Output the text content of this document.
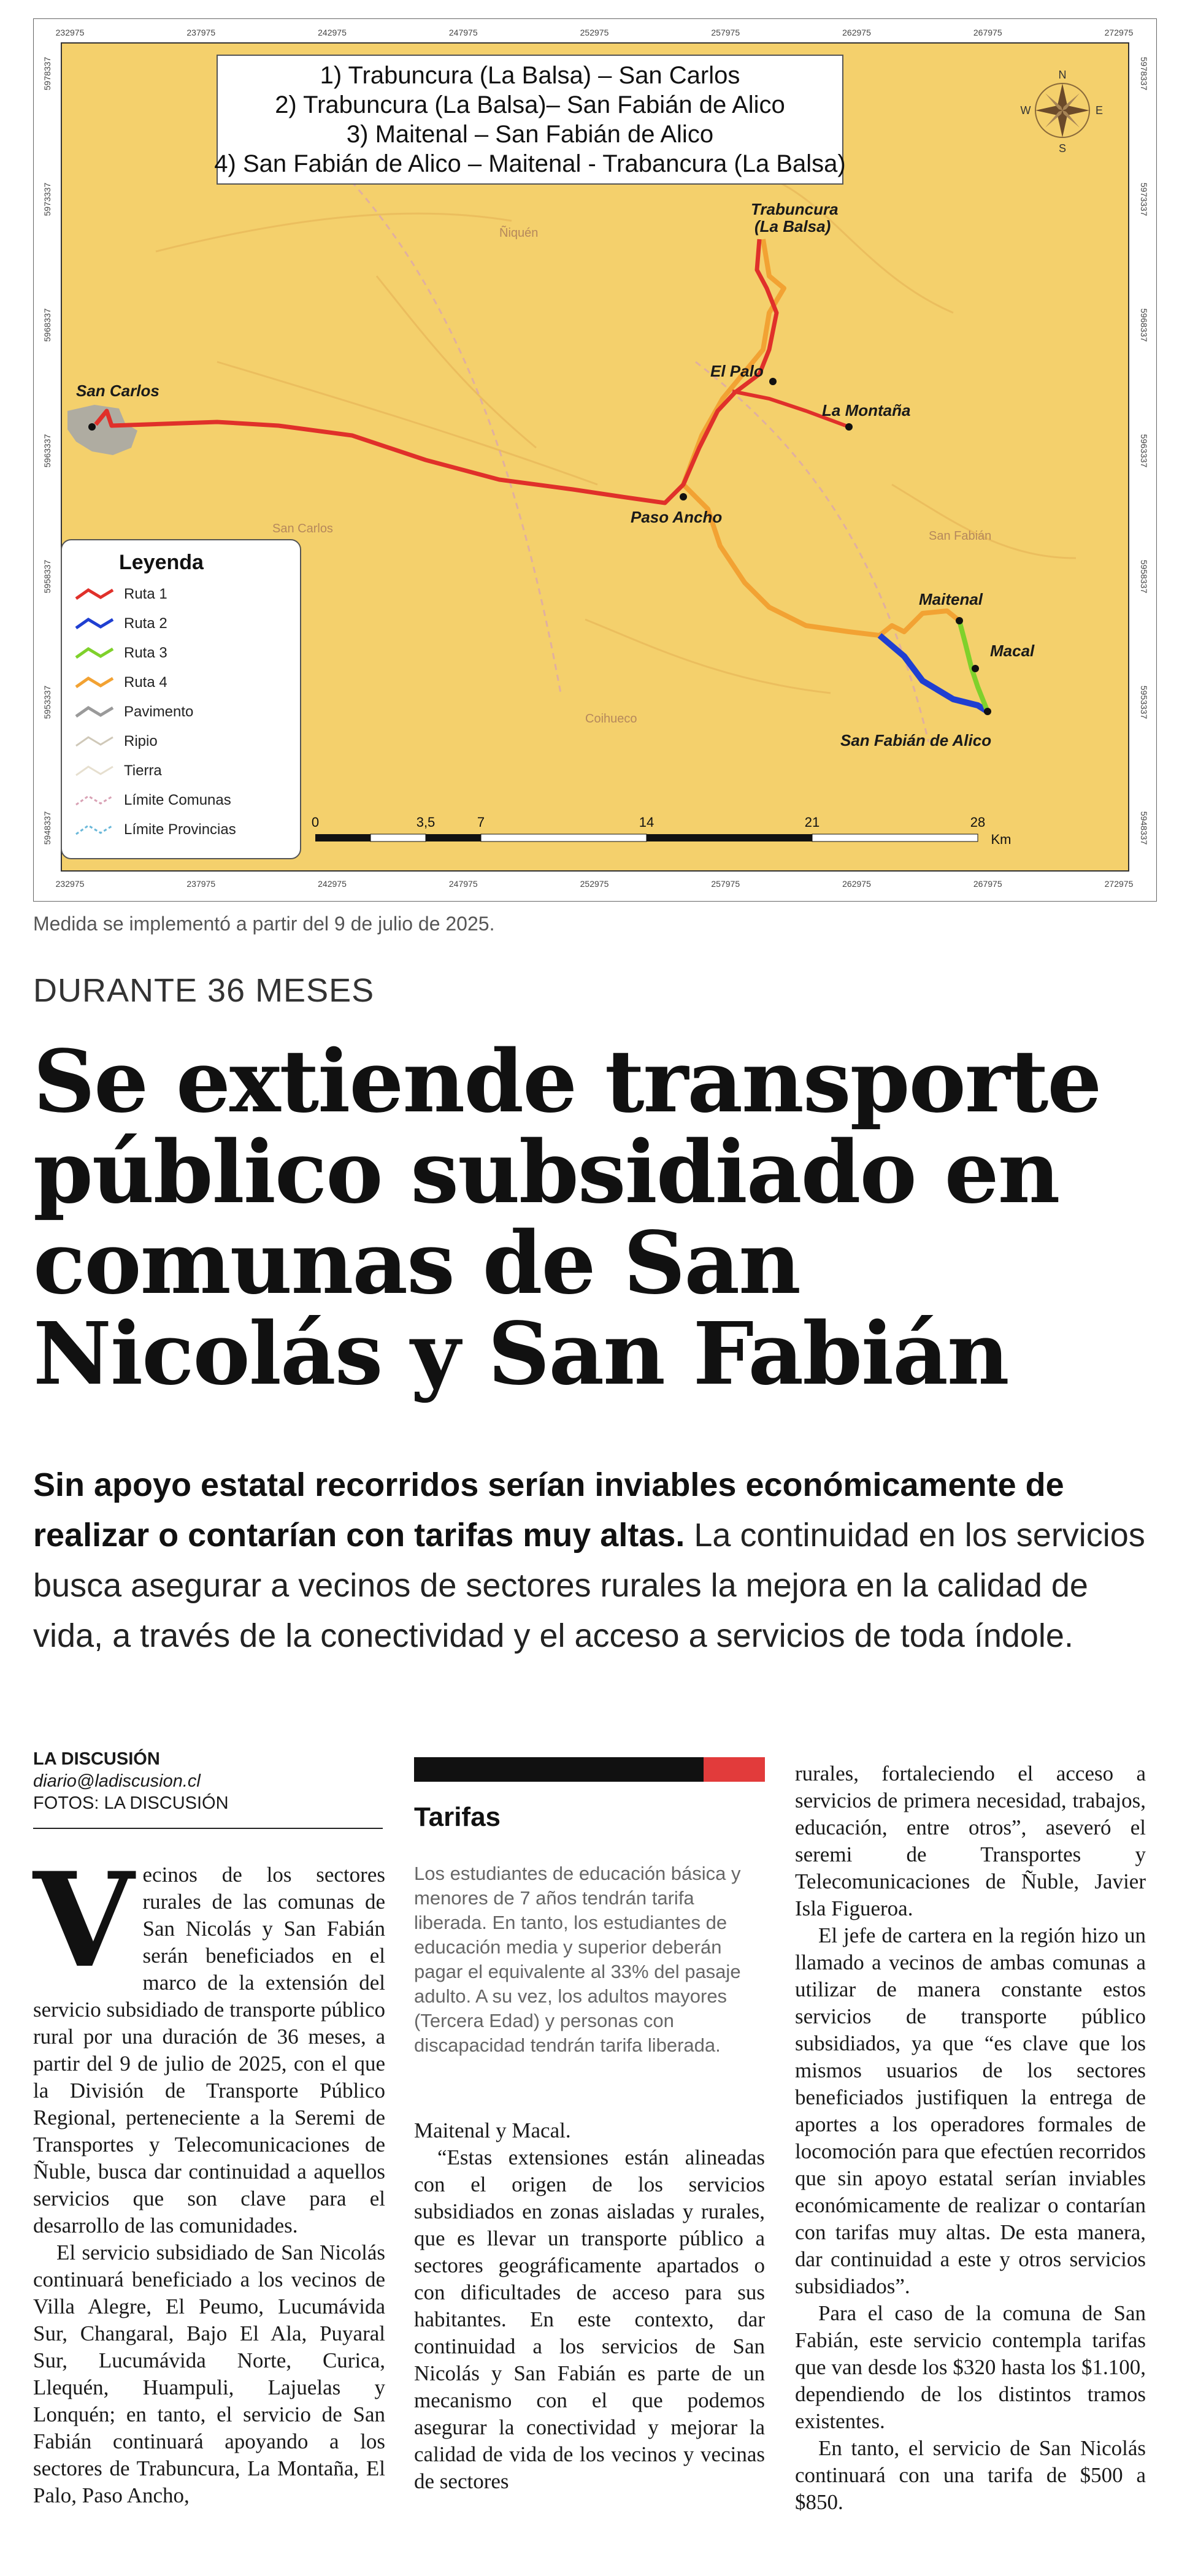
Ñiquén
San Carlos
San Fabián
Coihueco
San Carlos
Trabuncura
(La Balsa)
El Palo
La Montaña
Paso Ancho
Maitenal
Macal
San Fabián de Alico
1) Trabuncura (La Balsa) – San Carlos
2) Trabuncura (La Balsa)– San Fabián de Alico
3) Maitenal – San Fabián de Alico
4) San Fabián de Alico – Maitenal - Trabancura (La Balsa)
N
S
E
W
Leyenda
Ruta 1
Ruta 2
Ruta 3
Ruta 4
Pavimento
Ripio
Tierra
Límite Comunas
Límite Provincias	0	3,5	7	14	21	28
Km
232975	237975	242975	247975	252975	257975	262975	267975	272975
232975	237975	242975	247975	252975	257975	262975	267975	272975
5978337
5973337
5968337
5963337
5958337
5953337
5948337
5978337
5973337
5968337
5963337
5958337
5953337
5948337
Medida se implementó a partir del 9 de julio de 2025.
DURANTE 36 MESES
Se extiende transporte público subsidiado en comunas de San Nicolás y San Fabián

Sin apoyo estatal recorridos serían inviables económicamente de realizar o contarían con tarifas muy altas. La continuidad en los servicios busca asegurar a vecinos de sectores rurales la mejora en la calidad de vida, a través de la conectividad y el acceso a servicios de toda índole.

LA DISCUSIÓN
diario@ladiscusion.cl
FOTOS: LA DISCUSIÓN

Vecinos de los sectores rurales de las comunas de San Nicolás y San Fabián serán beneficiados en el marco de la extensión del servicio subsidiado de transporte público rural por una duración de 36 meses, a partir del 9 de julio de 2025, con el que la División de Transporte Público Regional, perteneciente a la Seremi de Transportes y Telecomunicaciones de Ñuble, busca dar continuidad a aquellos servicios que son clave para el desarrollo de las comunidades.

El servicio subsidiado de San Nicolás continuará beneficiado a los vecinos de Villa Alegre, El Peumo, Lucumávida Sur, Changaral, Bajo El Ala, Puyaral Sur, Lucumávida Norte, Curica, Llequén, Huampuli, Lajuelas y Lonquén; en tanto, el servicio de San Fabián continuará apoyando a los sectores de Trabuncura, La Montaña, El Palo, Paso Ancho,

Tarifas

Los estudiantes de educación básica y menores de 7 años tendrán tarifa liberada. En tanto, los estudiantes de educación media y superior deberán pagar el equivalente al 33% del pasaje adulto. A su vez, los adultos mayores (Tercera Edad) y personas con discapacidad tendrán tarifa liberada.

Maitenal y Macal.

“Estas extensiones están alineadas con el origen de los servicios subsidiados en zonas aisladas y rurales, que es llevar un transporte público a sectores geográficamente apartados o con dificultades de acceso para sus habitantes. En este contexto, dar continuidad a los servicios de San Nicolás y San Fabián es parte de un mecanismo con el que podemos asegurar la conectividad y mejorar la calidad de vida de los vecinos y vecinas de sectores

rurales, fortaleciendo el acceso a servicios de primera necesidad, trabajos, educación, entre otros”, aseveró el seremi de Transportes y Telecomunicaciones de Ñuble, Javier Isla Figueroa.

El jefe de cartera en la región hizo un llamado a vecinos de ambas comunas a utilizar de manera constante estos servicios de transporte público subsidiados, ya que “es clave que los mismos usuarios de los sectores beneficiados justifiquen la entrega de aportes a los operadores formales de locomoción para que efectúen recorridos que sin apoyo estatal serían inviables económicamente de realizar o contarían con tarifas muy altas. De esta manera, dar continuidad a este y otros servicios subsidiados”.

Para el caso de la comuna de San Fabián, este servicio contempla tarifas que van desde los $320 hasta los $1.100, dependiendo de los distintos tramos existentes.

En tanto, el servicio de San Nicolás continuará con una tarifa de $500 a $850.
